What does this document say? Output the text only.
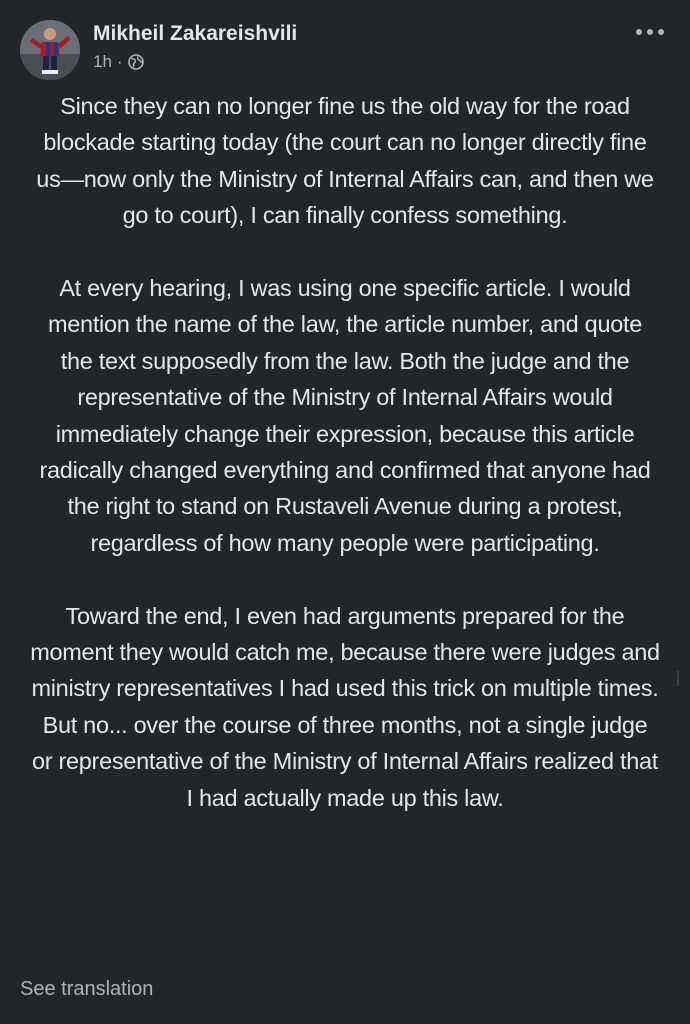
Mikheil Zakareishvili
1h ·

Since they can no longer fine us the old way for the road blockade starting today (the court can no longer directly fine us—now only the Ministry of Internal Affairs can, and then we go to court), I can finally confess something.

At every hearing, I was using one specific article. I would mention the name of the law, the article number, and quote the text supposedly from the law. Both the judge and the representative of the Ministry of Internal Affairs would immediately change their expression, because this article radically changed everything and confirmed that anyone had the right to stand on Rustaveli Avenue during a protest, regardless of how many people were participating.

Toward the end, I even had arguments prepared for the moment they would catch me, because there were judges and ministry representatives I had used this trick on multiple times. But no... over the course of three months, not a single judge or representative of the Ministry of Internal Affairs realized that I had actually made up this law.

See translation
